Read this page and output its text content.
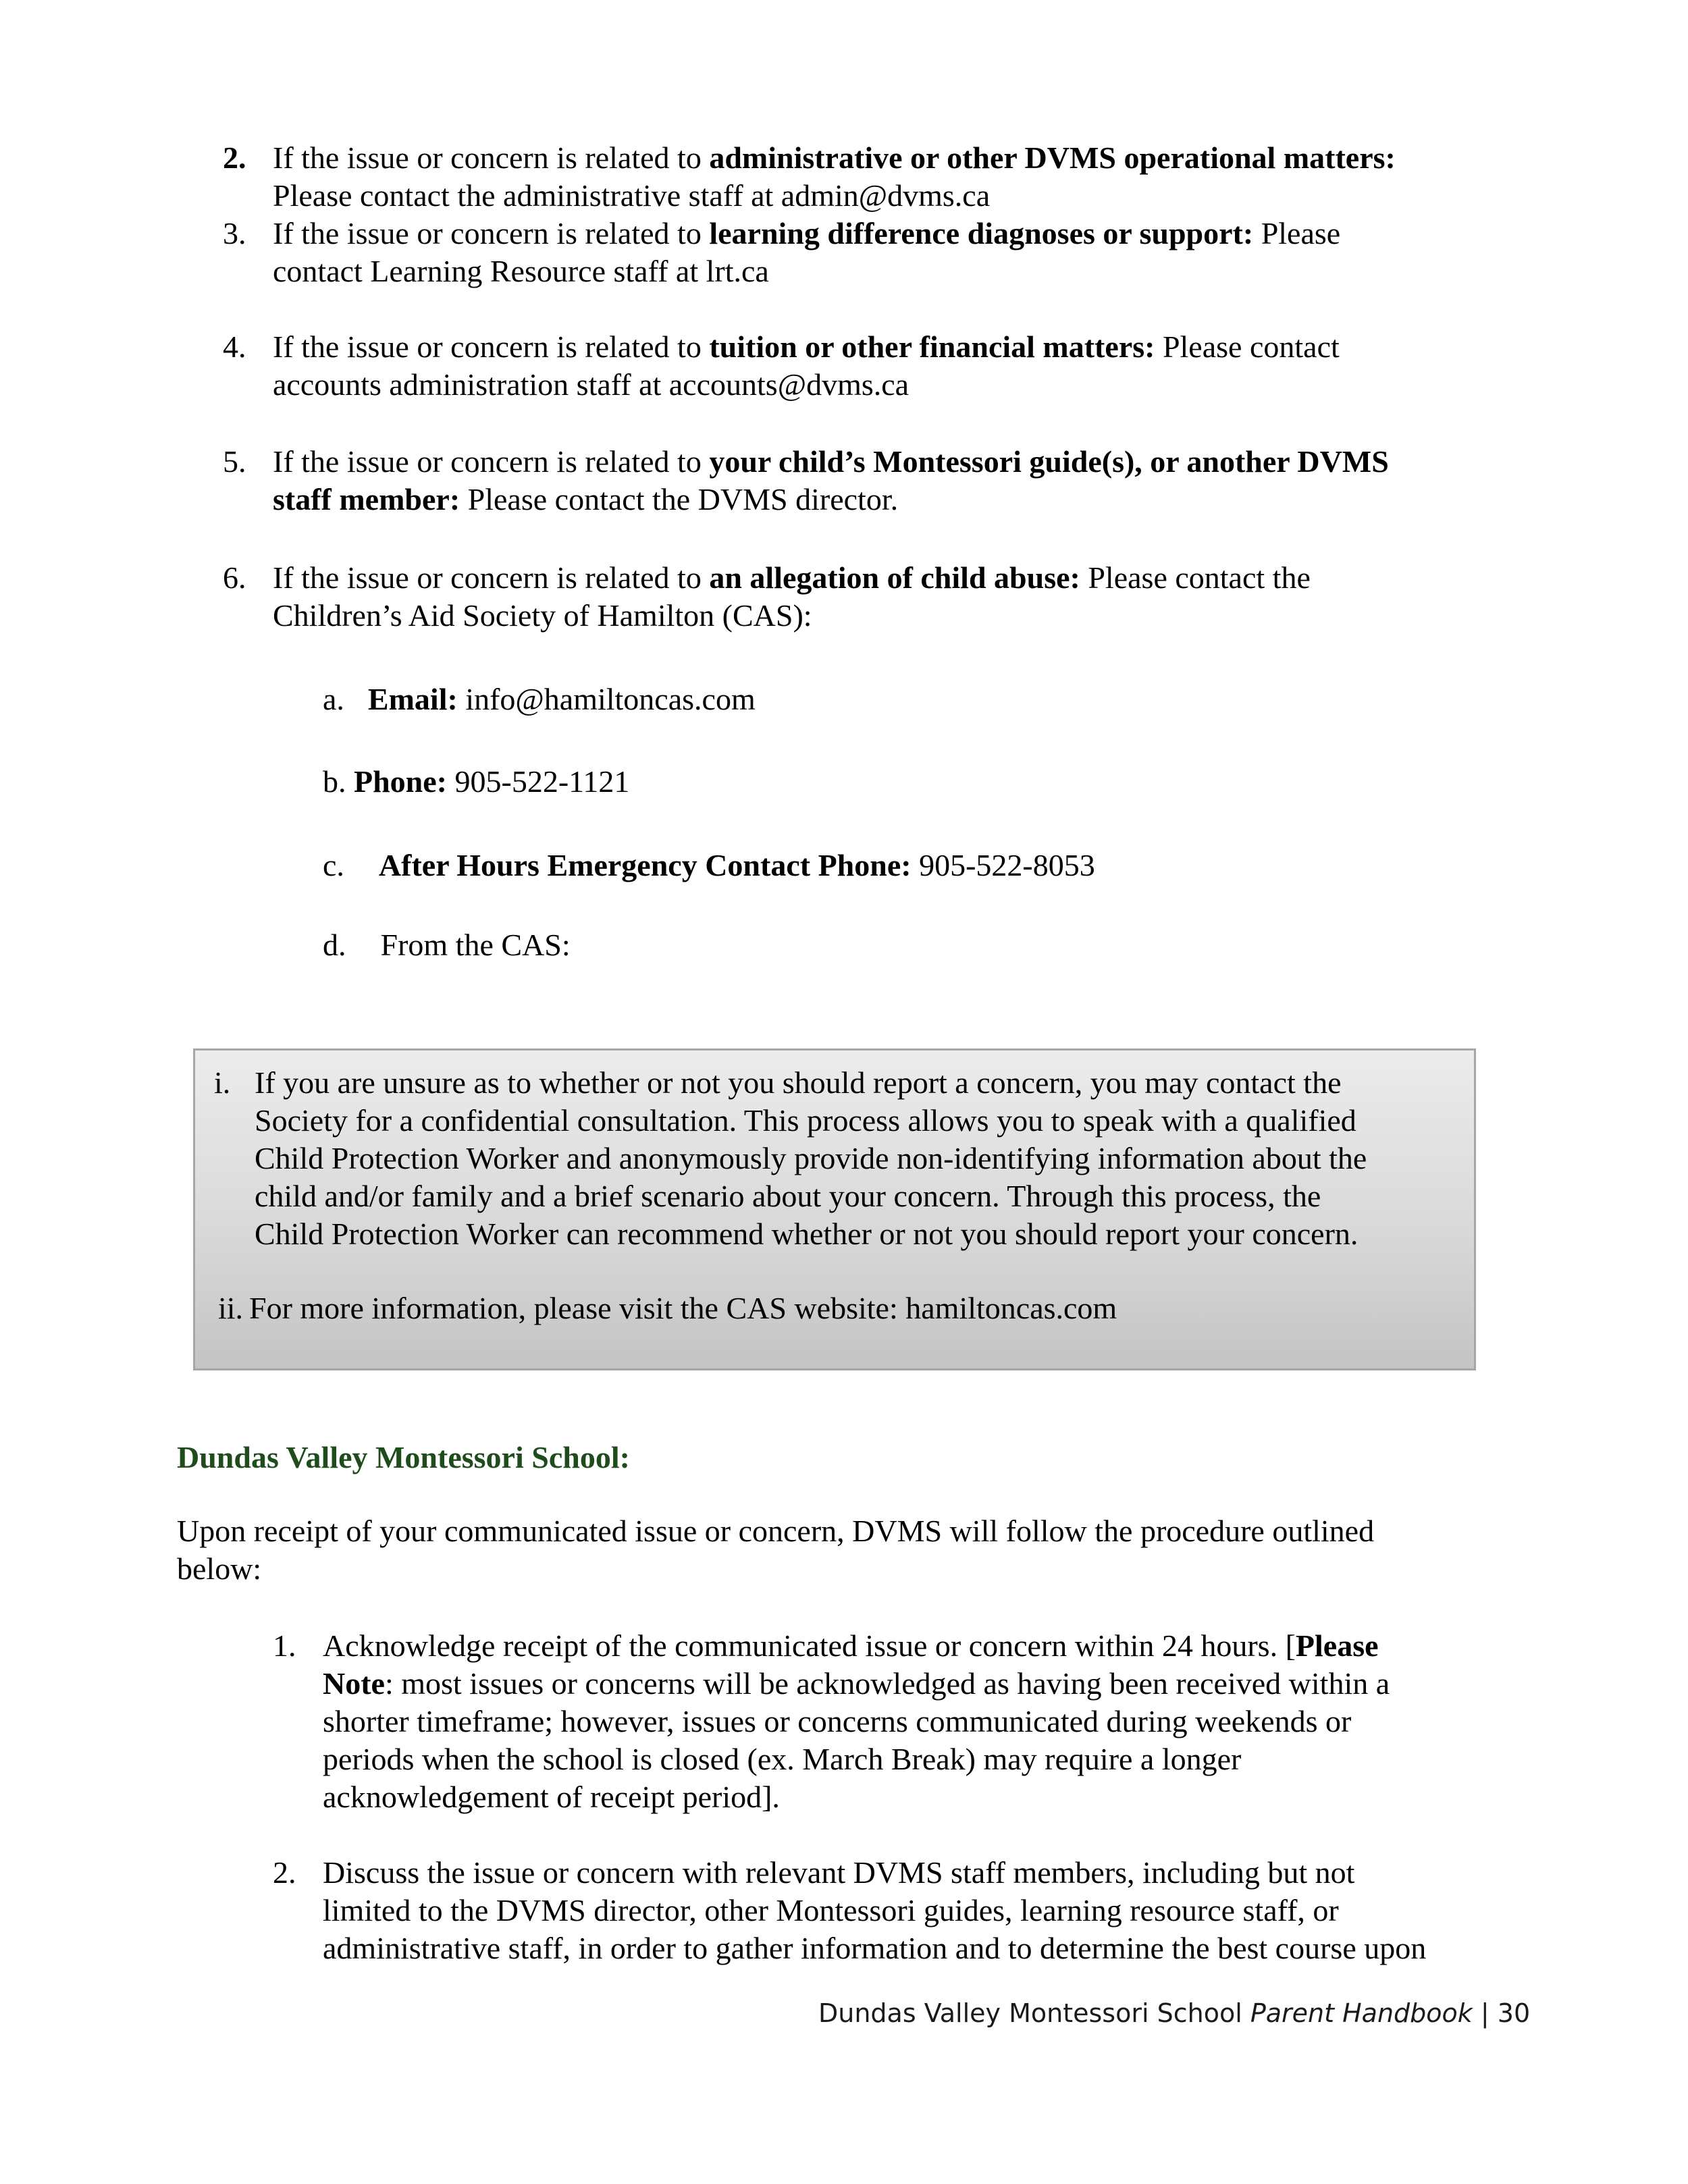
2. If the issue or concern is related to administrative or other DVMS operational matters:
Please contact the administrative staff at admin@dvms.ca
3. If the issue or concern is related to learning difference diagnoses or support: Please
contact Learning Resource staff at lrt.ca
4. If the issue or concern is related to tuition or other financial matters: Please contact
accounts administration staff at accounts@dvms.ca
5. If the issue or concern is related to your child’s Montessori guide(s), or another DVMS
staff member: Please contact the DVMS director.
6. If the issue or concern is related to an allegation of child abuse: Please contact the
Children’s Aid Society of Hamilton (CAS):
a. Email: info@hamiltoncas.com
b. Phone: 905-522-1121
c. After Hours Emergency Contact Phone: 905-522-8053
d. From the CAS:
i. If you are unsure as to whether or not you should report a concern, you may contact the
Society for a confidential consultation. This process allows you to speak with a qualified
Child Protection Worker and anonymously provide non-identifying information about the
child and/or family and a brief scenario about your concern. Through this process, the
Child Protection Worker can recommend whether or not you should report your concern.
ii. For more information, please visit the CAS website: hamiltoncas.com
Dundas Valley Montessori School:
Upon receipt of your communicated issue or concern, DVMS will follow the procedure outlined
below:
1. Acknowledge receipt of the communicated issue or concern within 24 hours. [Please
Note: most issues or concerns will be acknowledged as having been received within a
shorter timeframe; however, issues or concerns communicated during weekends or
periods when the school is closed (ex. March Break) may require a longer
acknowledgement of receipt period].
2. Discuss the issue or concern with relevant DVMS staff members, including but not
limited to the DVMS director, other Montessori guides, learning resource staff, or
administrative staff, in order to gather information and to determine the best course upon
Dundas Valley Montessori School Parent Handbook | 30
